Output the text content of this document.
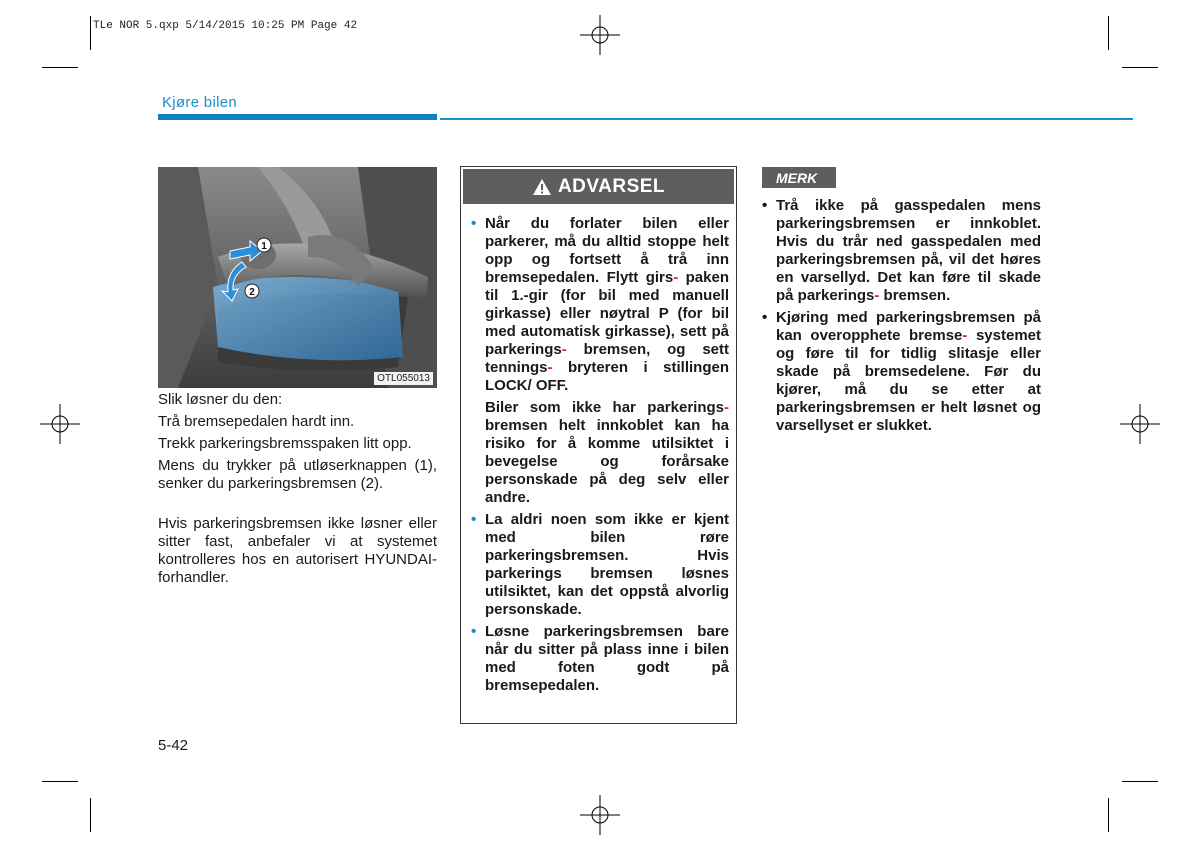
TLe NOR 5.qxp 5/14/2015 10:25 PM Page 42
Kjøre bilen
1
2
OTL055013

Slik løsner du den:

Trå bremsepedalen hardt inn.

Trekk parkeringsbremsspaken litt opp.

Mens du trykker på utløserknappen (1), senker du parkeringsbremsen (2).

Hvis parkeringsbremsen ikke løsner eller sitter fast, anbefaler vi at systemet kontrolleres hos en autorisert HYUNDAI-forhandler.

ADVARSEL
• Når du forlater bilen eller parkerer, må du alltid stoppe helt opp og fortsett å trå inn bremsepedalen. Flytt girs- paken til 1.-gir (for bil med manuell girkasse) eller nøytral P (for bil med automatisk girkasse), sett på parkerings- bremsen, og sett tennings- bryteren i stillingen LOCK/ OFF.
Biler som ikke har parkerings- bremsen helt innkoblet kan ha risiko for å komme utilsiktet i bevegelse og forårsake personskade på deg selv eller andre.
• La aldri noen som ikke er kjent med bilen røre parkeringsbremsen. Hvis parkerings bremsen løsnes utilsiktet, kan det oppstå alvorlig personskade.
• Løsne parkeringsbremsen bare når du sitter på plass inne i bilen med foten godt på bremsepedalen.
MERK
• Trå ikke på gasspedalen mens parkeringsbremsen er innkoblet. Hvis du trår ned gasspedalen med parkeringsbremsen på, vil det høres en varsellyd. Det kan føre til skade på parkerings- bremsen.
• Kjøring med parkeringsbremsen på kan overopphete bremse- systemet og føre til for tidlig slitasje eller skade på bremsedelene. Før du kjører, må du se etter at parkeringsbremsen er helt løsnet og varsellyset er slukket.
5-42
